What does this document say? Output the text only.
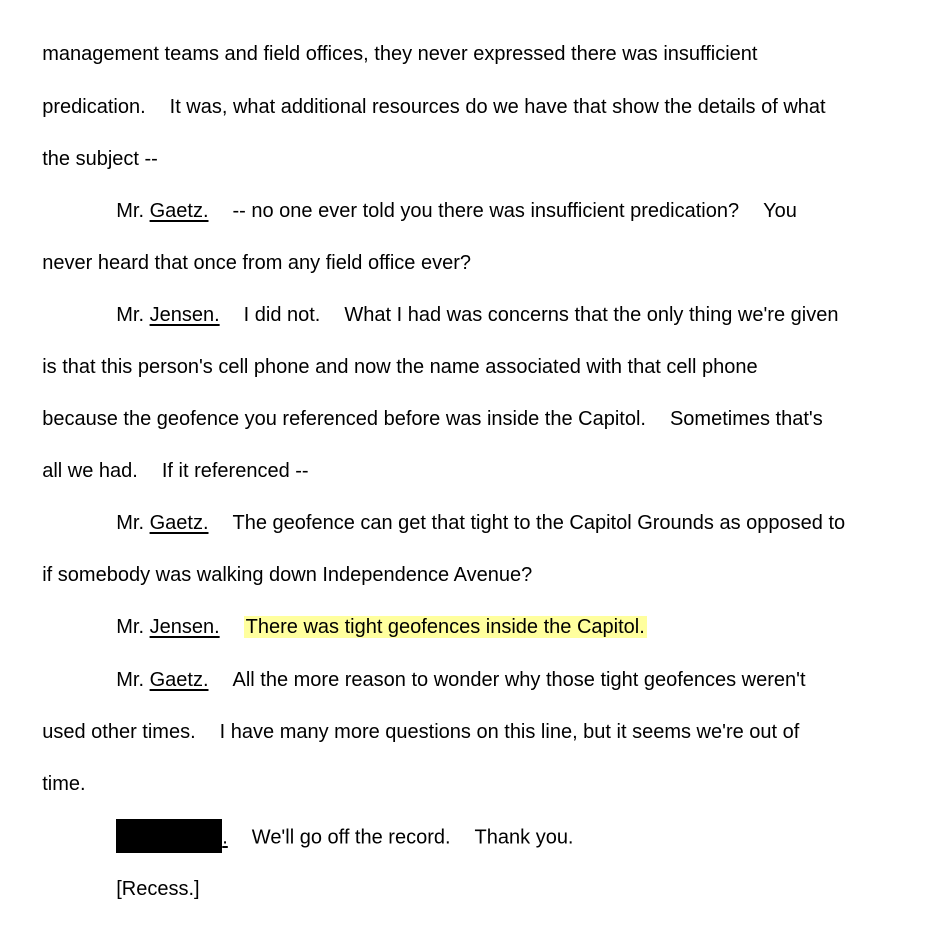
management teams and field offices, they never expressed there was insufficient

predication. It was, what additional resources do we have that show the details of what

the subject --

Mr. Gaetz. -- no one ever told you there was insufficient predication? You

never heard that once from any field office ever?

Mr. Jensen. I did not. What I had was concerns that the only thing we're given

is that this person's cell phone and now the name associated with that cell phone

because the geofence you referenced before was inside the Capitol. Sometimes that's

all we had. If it referenced --

Mr. Gaetz. The geofence can get that tight to the Capitol Grounds as opposed to

if somebody was walking down Independence Avenue?

Mr. Jensen. There was tight geofences inside the Capitol.

Mr. Gaetz. All the more reason to wonder why those tight geofences weren't

used other times. I have many more questions on this line, but it seems we're out of

time.

. We'll go off the record. Thank you.

[Recess.]
